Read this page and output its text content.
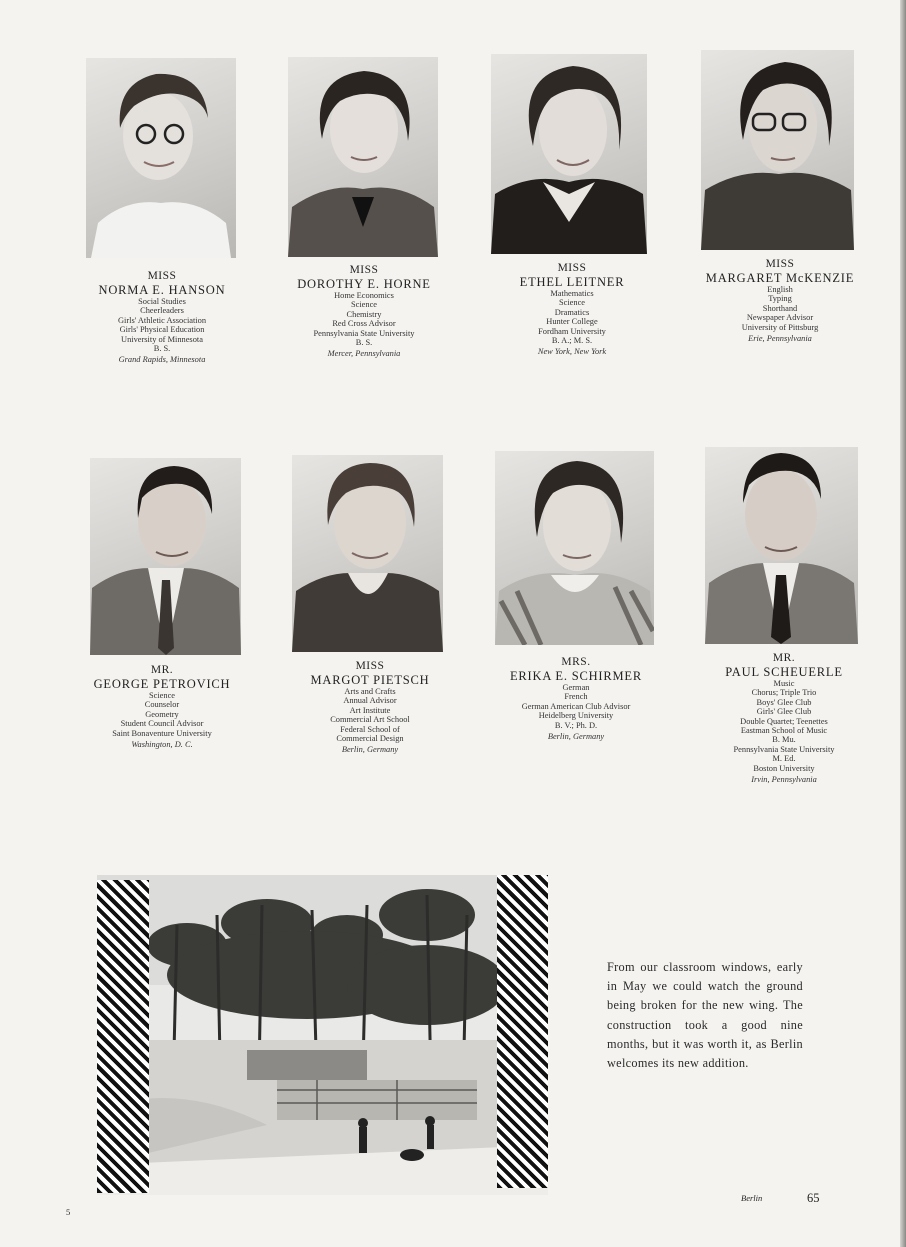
MISS
NORMA E. HANSON
Social Studies
Cheerleaders
Girls' Athletic Association
Girls' Physical Education
University of Minnesota
B. S.
Grand Rapids, Minnesota
MISS
DOROTHY E. HORNE
Home Economics
Science
Chemistry
Red Cross Advisor
Pennsylvania State University
B. S.
Mercer, Pennsylvania
MISS
ETHEL LEITNER
Mathematics
Science
Dramatics
Hunter College
Fordham University
B. A.; M. S.
New York, New York
MISS
MARGARET McKENZIE
English
Typing
Shorthand
Newspaper Advisor
University of Pittsburg
Erie, Pennsylvania
MR.
GEORGE PETROVICH
Science
Counselor
Geometry
Student Council Advisor
Saint Bonaventure University
Washington, D. C.
MISS
MARGOT PIETSCH
Arts and Crafts
Annual Advisor
Art Institute
Commercial Art School
Federal School of
Commercial Design
Berlin, Germany
MRS.
ERIKA E. SCHIRMER
German
French
German American Club Advisor
Heidelberg University
B. V.; Ph. D.
Berlin, Germany
MR.
PAUL SCHEUERLE
Music
Chorus; Triple Trio
Boys' Glee Club
Girls' Glee Club
Double Quartet; Teenettes
Eastman School of Music
B. Mu.
Pennsylvania State University
M. Ed.
Boston University
Irvin, Pennsylvania
From our classroom windows, early in May we could watch the ground being broken for the new wing. The construction took a good nine months, but it was worth it, as Berlin welcomes its new addition.
Berlin	65
5
